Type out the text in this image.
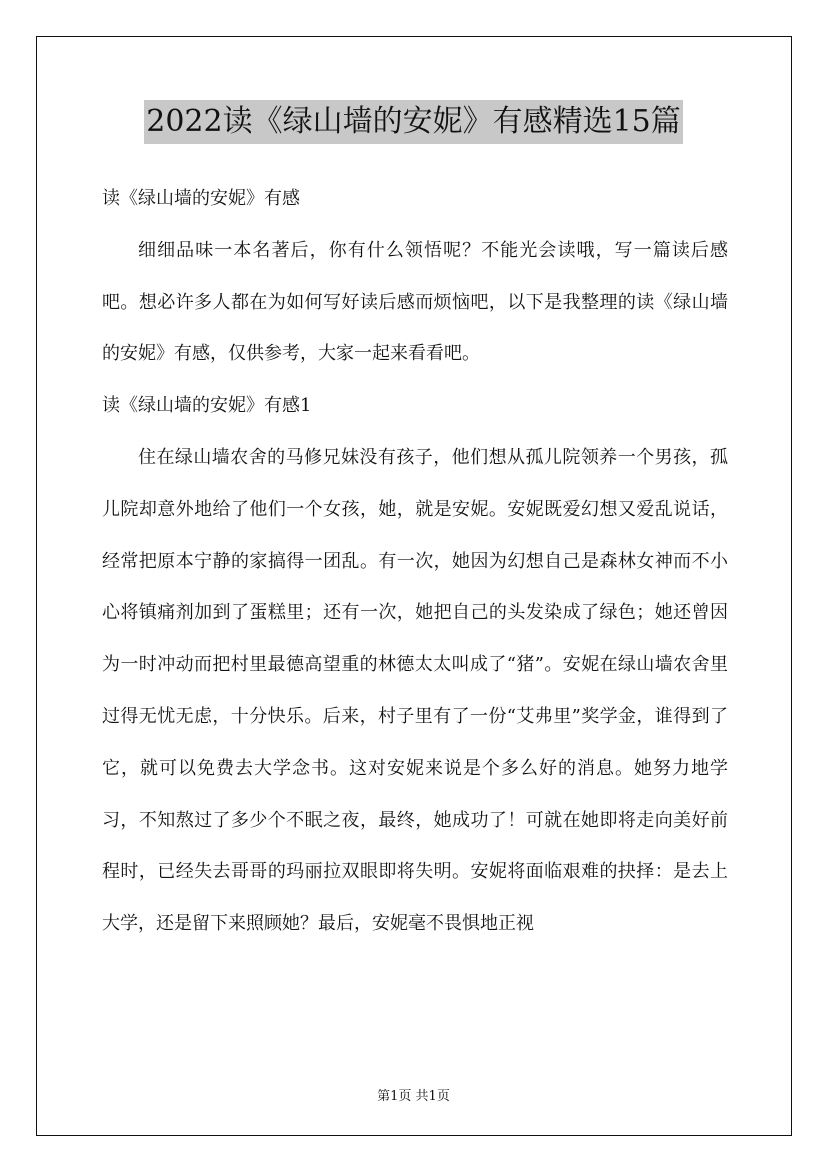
2022读《绿山墙的安妮》有感精选15篇

读《绿山墙的安妮》有感

细细品味一本名著后，你有什么领悟呢？不能光会读哦，写一篇读后感吧。想必许多人都在为如何写好读后感而烦恼吧，以下是我整理的读《绿山墙的安妮》有感，仅供参考，大家一起来看看吧。

读《绿山墙的安妮》有感1

住在绿山墙农舍的马修兄妹没有孩子，他们想从孤儿院领养一个男孩，孤儿院却意外地给了他们一个女孩，她，就是安妮。安妮既爱幻想又爱乱说话，经常把原本宁静的家搞得一团乱。有一次，她因为幻想自己是森林女神而不小心将镇痛剂加到了蛋糕里；还有一次，她把自己的头发染成了绿色；她还曾因为一时冲动而把村里最德高望重的林德太太叫成了“猪”。安妮在绿山墙农舍里过得无忧无虑，十分快乐。后来，村子里有了一份“艾弗里”奖学金，谁得到了它，就可以免费去大学念书。这对安妮来说是个多么好的消息。她努力地学习，不知熬过了多少个不眠之夜，最终，她成功了！可就在她即将走向美好前程时，已经失去哥哥的玛丽拉双眼即将失明。安妮将面临艰难的抉择：是去上大学，还是留下来照顾她？最后，安妮毫不畏惧地正视

第1页 共1页
